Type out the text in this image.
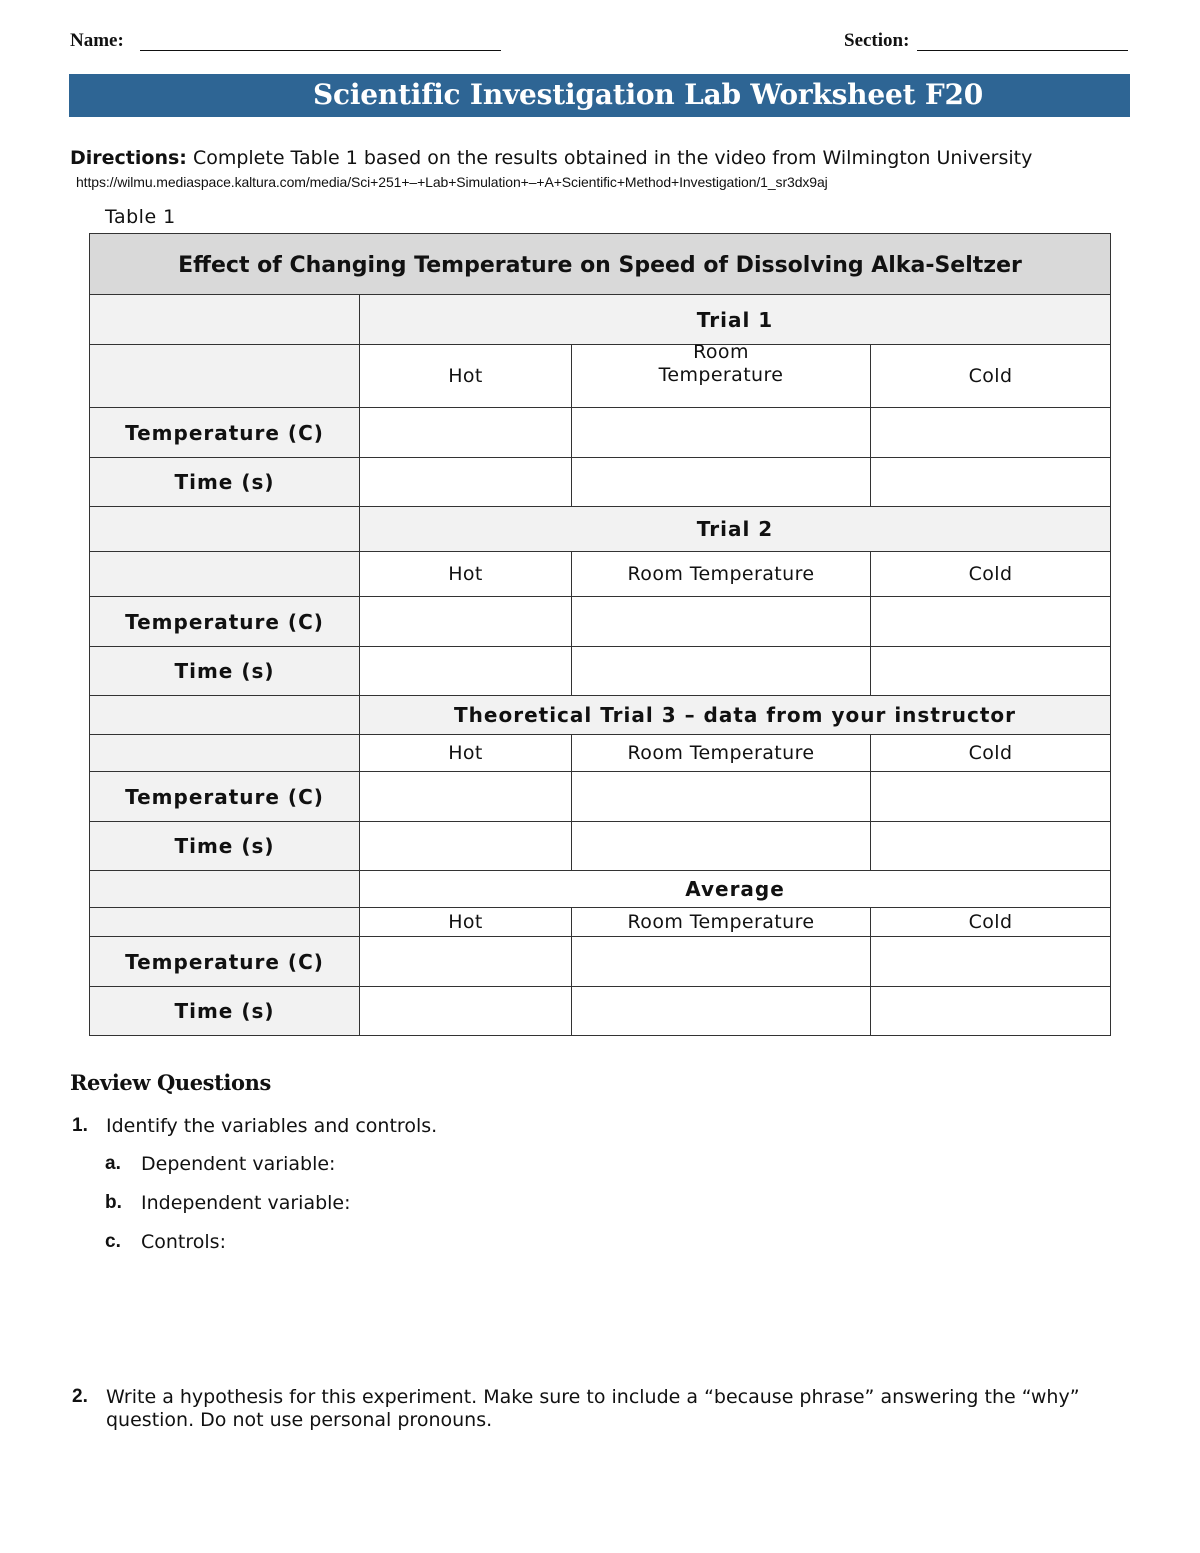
Name:	Section:
Scientific Investigation Lab Worksheet F20
Directions: Complete Table 1 based on the results obtained in the video from Wilmington University
https://wilmu.mediaspace.kaltura.com/media/Sci+251+–+Lab+Simulation+–+A+Scientific+Method+Investigation/1_sr3dx9aj
Table 1
Effect of Changing Temperature on Speed of Dissolving Alka-Seltzer			
	Trial 1		
	Hot	Room Temperature	Cold
Temperature (C)			
Time (s)			
	Trial 2		
	Hot	Room Temperature	Cold
Temperature (C)			
Time (s)			
	Theoretical Trial 3 – data from your instructor		
	Hot	Room Temperature	Cold
Temperature (C)			
Time (s)			
	Average		
	Hot	Room Temperature	Cold
Temperature (C)			
Time (s)			
Review Questions
1. Identify the variables and controls.
a. Dependent variable:
b. Independent variable:
c. Controls:
2. Write a hypothesis for this experiment. Make sure to include a “because phrase” answering the “why” question. Do not use personal pronouns.
